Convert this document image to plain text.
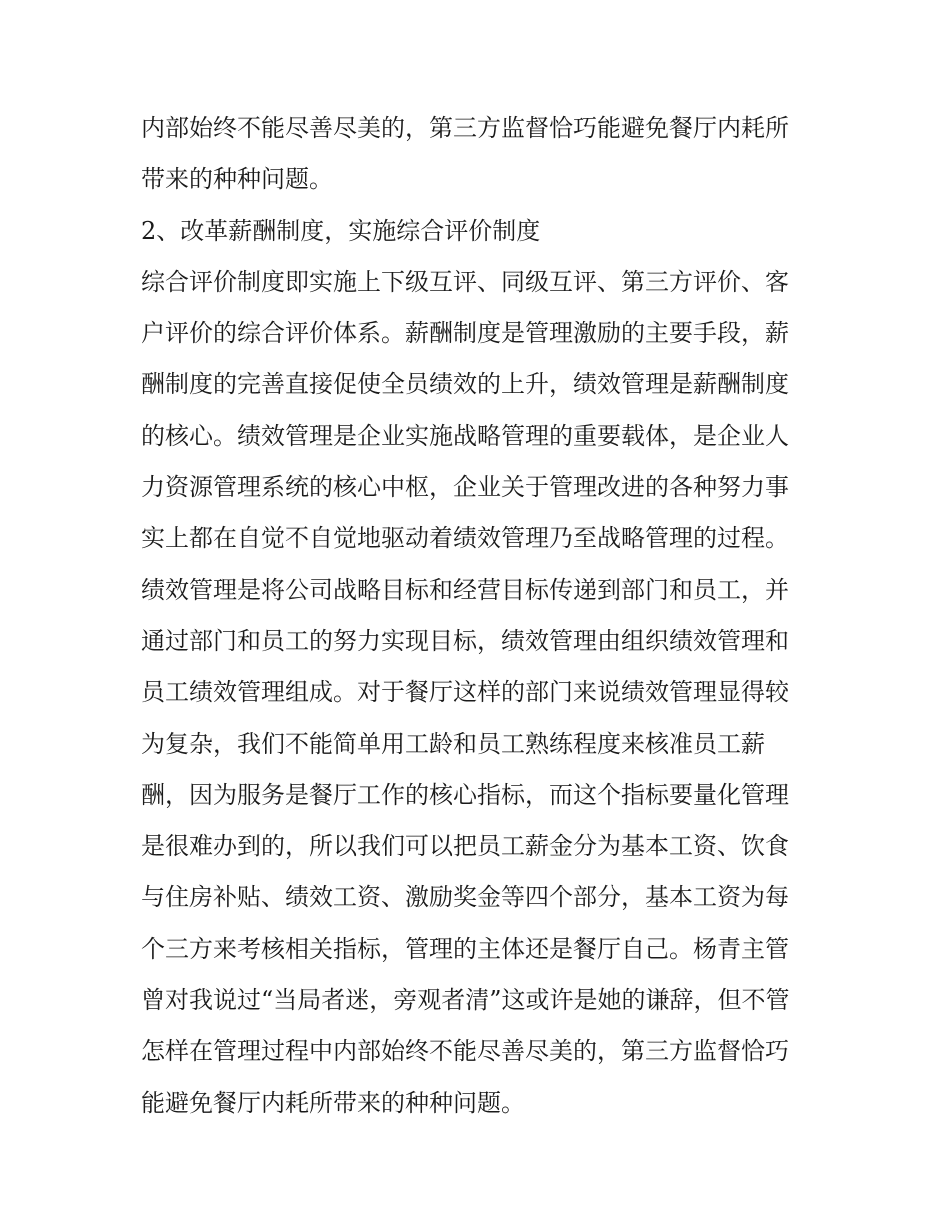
内部始终不能尽善尽美的，第三方监督恰巧能避免餐厅内耗所
带来的种种问题。
2、改革薪酬制度，实施综合评价制度
综合评价制度即实施上下级互评、同级互评、第三方评价、客
户评价的综合评价体系。薪酬制度是管理激励的主要手段，薪
酬制度的完善直接促使全员绩效的上升，绩效管理是薪酬制度
的核心。绩效管理是企业实施战略管理的重要载体，是企业人
力资源管理系统的核心中枢，企业关于管理改进的各种努力事
实上都在自觉不自觉地驱动着绩效管理乃至战略管理的过程。
绩效管理是将公司战略目标和经营目标传递到部门和员工，并
通过部门和员工的努力实现目标，绩效管理由组织绩效管理和
员工绩效管理组成。对于餐厅这样的部门来说绩效管理显得较
为复杂，我们不能简单用工龄和员工熟练程度来核准员工薪
酬，因为服务是餐厅工作的核心指标，而这个指标要量化管理
是很难办到的，所以我们可以把员工薪金分为基本工资、饮食
与住房补贴、绩效工资、激励奖金等四个部分，基本工资为每
个三方来考核相关指标，管理的主体还是餐厅自己。杨青主管
曾对我说过“当局者迷，旁观者清”这或许是她的谦辞，但不管
怎样在管理过程中内部始终不能尽善尽美的，第三方监督恰巧
能避免餐厅内耗所带来的种种问题。
